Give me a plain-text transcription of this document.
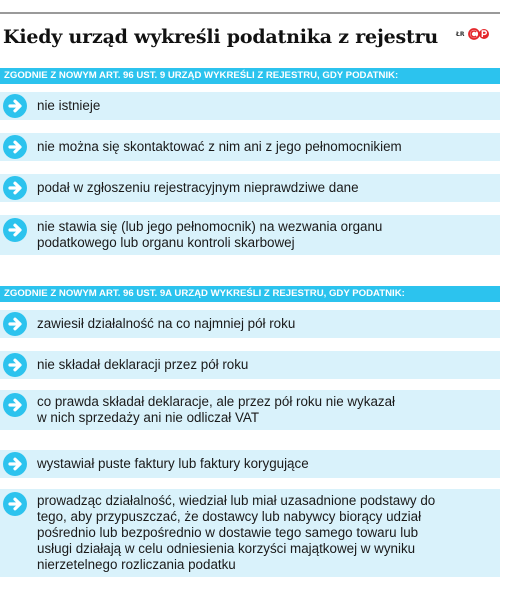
Kiedy urząd wykreśli podatnika z rejestru	ŁR
ZGODNIE Z NOWYM ART. 96 UST. 9 URZĄD WYKREŚLI Z REJESTRU, GDY PODATNIK:
nie istnieje
nie można się skontaktować z nim ani z jego pełnomocnikiem
podał w zgłoszeniu rejestracyjnym nieprawdziwe dane
nie stawia się (lub jego pełnomocnik) na wezwania organu
podatkowego lub organu kontroli skarbowej
ZGODNIE Z NOWYM ART. 96 UST. 9A URZĄD WYKREŚLI Z REJESTRU, GDY PODATNIK:
zawiesił działalność na co najmniej pół roku
nie składał deklaracji przez pół roku
co prawda składał deklaracje, ale przez pół roku nie wykazał
w nich sprzedaży ani nie odliczał VAT
wystawiał puste faktury lub faktury korygujące
prowadząc działalność, wiedział lub miał uzasadnione podstawy do
tego, aby przypuszczać, że dostawcy lub nabywcy biorący udział
pośrednio lub bezpośrednio w dostawie tego samego towaru lub
usługi działają w celu odniesienia korzyści majątkowej w wyniku
nierzetelnego rozliczania podatku
